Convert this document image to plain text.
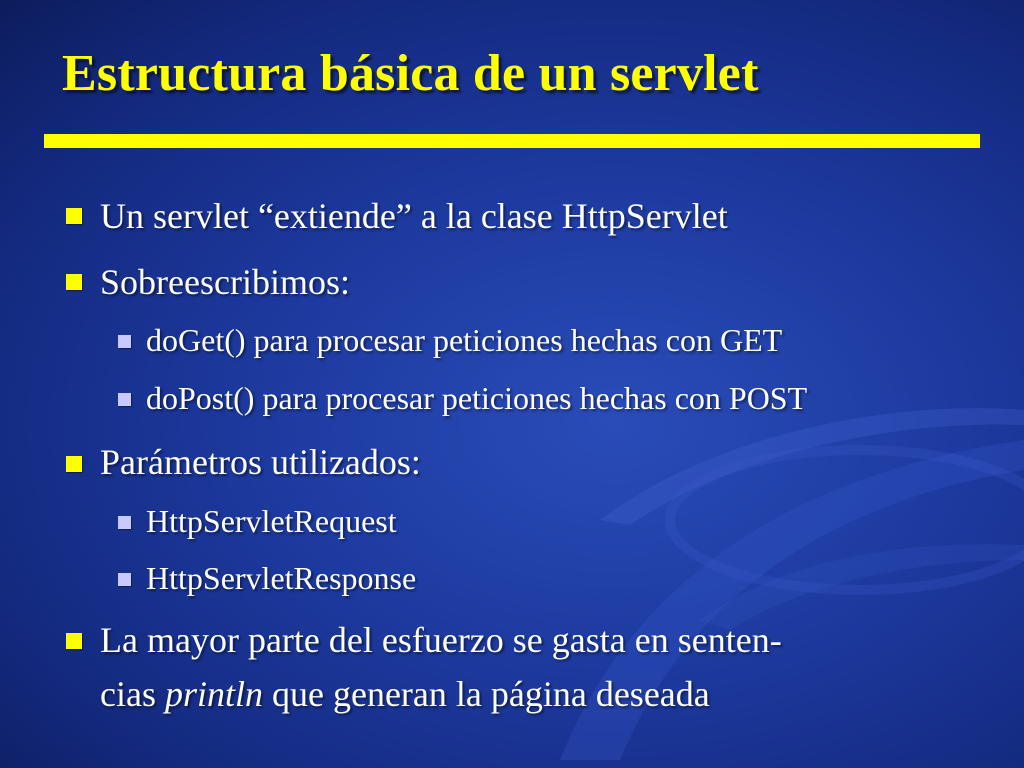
Estructura básica de un servlet
Un servlet “extiende” a la clase HttpServlet
Sobreescribimos:
doGet() para procesar peticiones hechas con GET
doPost() para procesar peticiones hechas con POST
Parámetros utilizados:
HttpServletRequest
HttpServletResponse
La mayor parte del esfuerzo se gasta en senten-
cias println que generan la página deseada
